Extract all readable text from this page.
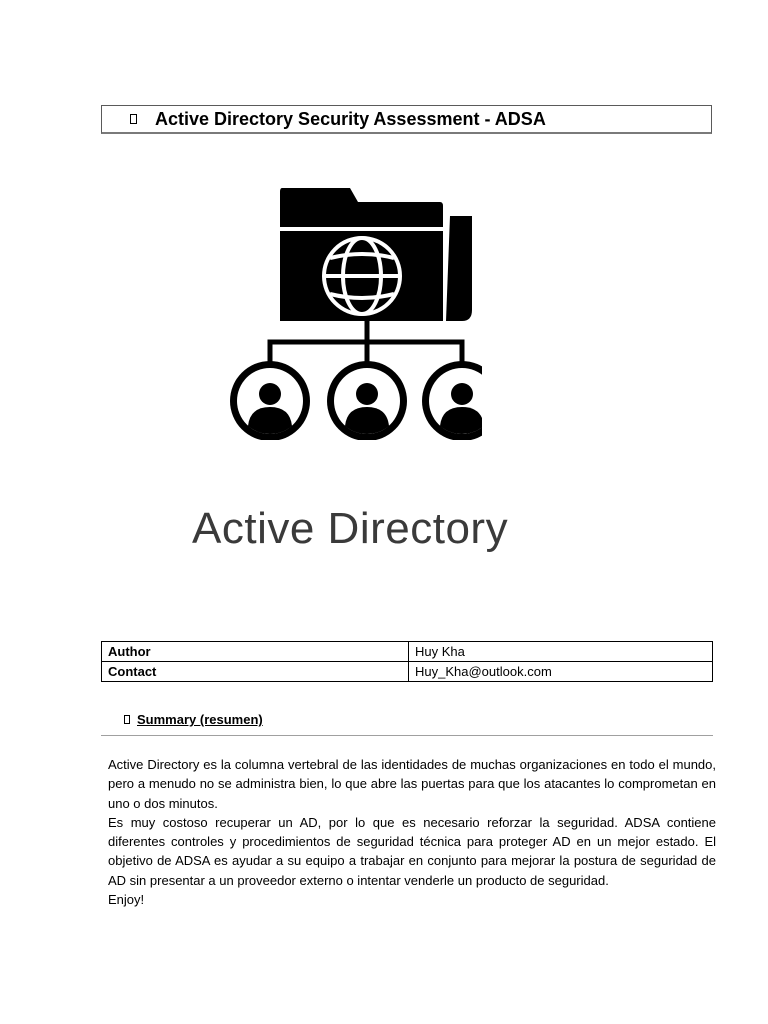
Active Directory Security Assessment - ADSA
Active Directory
Author	Huy Kha
Contact	Huy_Kha@outlook.com
Summary (resumen)

Active Directory es la columna vertebral de las identidades de muchas organizaciones en todo el mundo, pero a menudo no se administra bien, lo que abre las puertas para que los atacantes lo comprometan en uno o dos minutos.

Es muy costoso recuperar un AD, por lo que es necesario reforzar la seguridad. ADSA contiene diferentes controles y procedimientos de seguridad técnica para proteger AD en un mejor estado. El objetivo de ADSA es ayudar a su equipo a trabajar en conjunto para mejorar la postura de seguridad de AD sin presentar a un proveedor externo o intentar venderle un producto de seguridad.

Enjoy!
